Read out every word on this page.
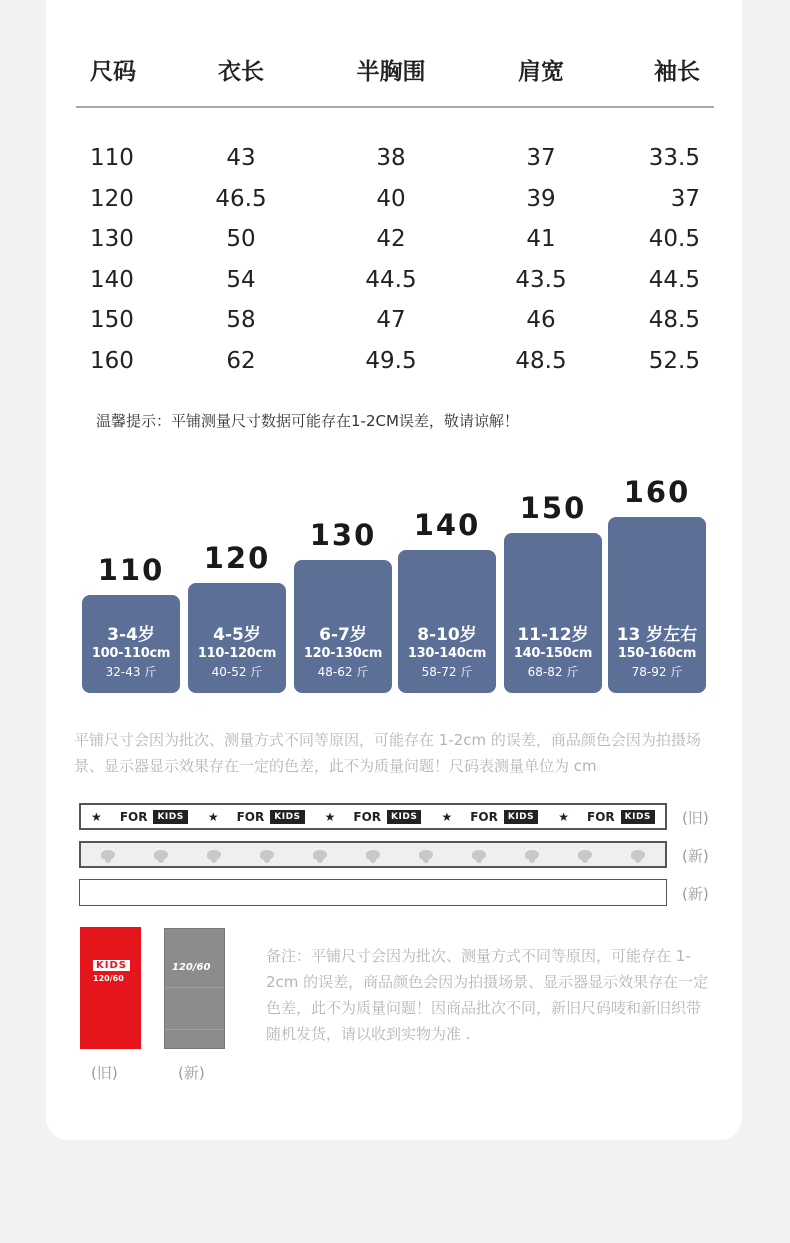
尺码	衣长	半胸围	肩宽	袖长
110	43	38	37	33.5
120	46.5	40	39	37
130	50	42	41	40.5
140	54	44.5	43.5	44.5
150	58	47	46	48.5
160	62	49.5	48.5	52.5
温馨提示：平铺测量尺寸数据可能存在1-2CM误差，敬请谅解！
110
3-4岁
100-110cm
32-43 斤
120
4-5岁
110-120cm
40-52 斤
130
6-7岁
120-130cm
48-62 斤
140
8-10岁
130-140cm
58-72 斤
150
11-12岁
140-150cm
68-82 斤
160
13 岁左右
150-160cm
78-92 斤
平铺尺寸会因为批次、测量方式不同等原因，可能存在 1-2cm 的误差，商品颜色会因为拍摄场景、显示器显示效果存在一定的色差，此不为质量问题！尺码表测量单位为 cm
★ FOR	KIDS	★ FOR	KIDS	★ FOR	KIDS	★ FOR	KIDS	★ FOR	KIDS (旧)
(新)
(新)
KIDS
120/60
120/60
(旧)	(新)
备注：平铺尺寸会因为批次、测量方式不同等原因，可能存在 1-2cm 的误差，商品颜色会因为拍摄场景、显示器显示效果存在一定色差，此不为质量问题！因商品批次不同，新旧尺码唛和新旧织带随机发货，请以收到实物为准 .
